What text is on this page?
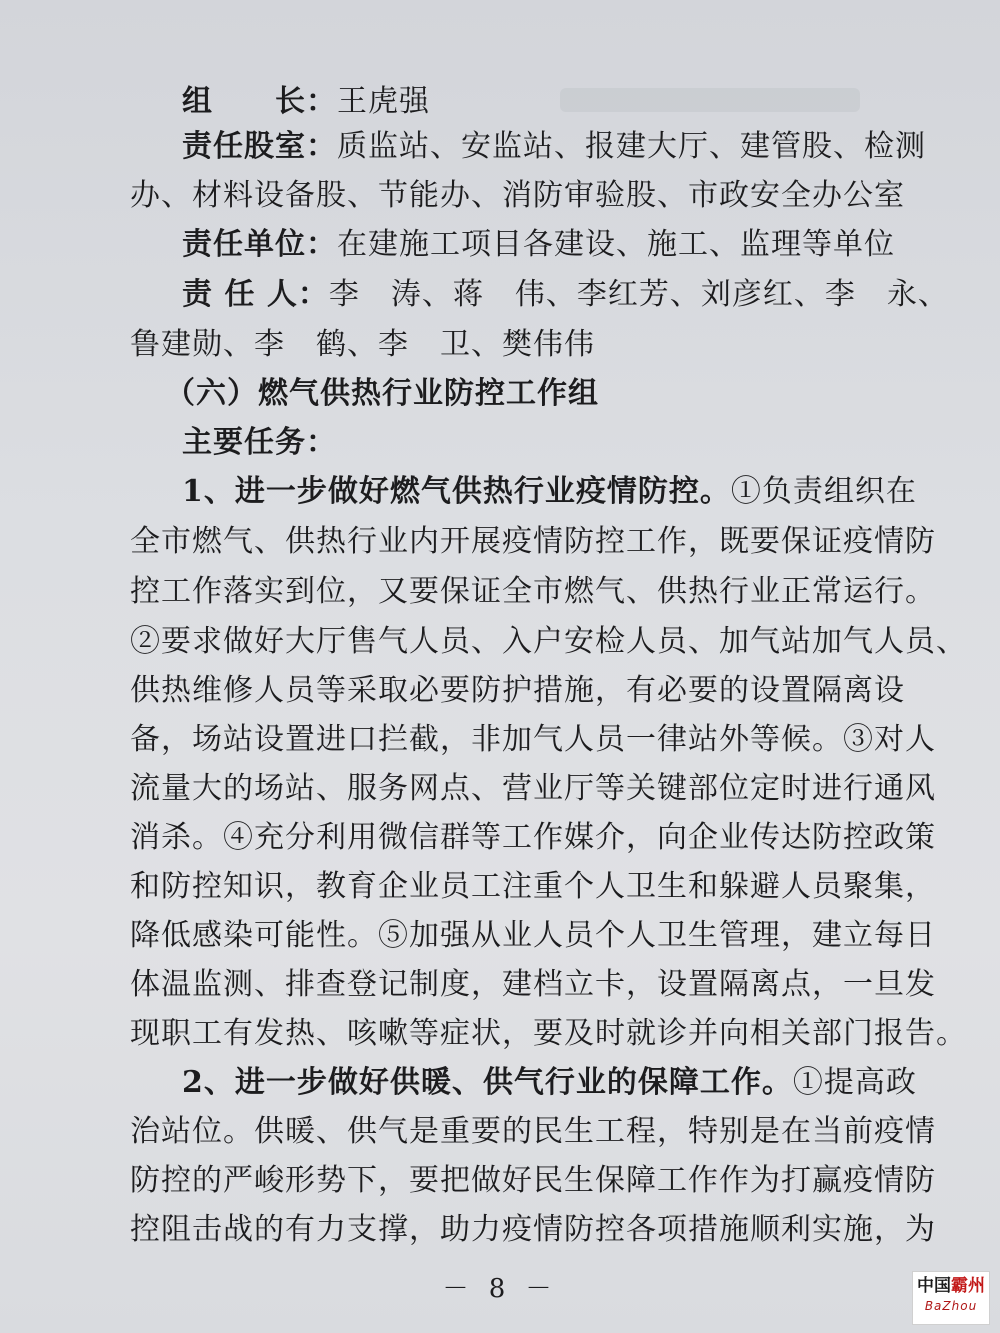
组　　长：王虎强
责任股室：质监站、安监站、报建大厅、建管股、检测
办、材料设备股、节能办、消防审验股、市政安全办公室
责任单位：在建施工项目各建设、施工、监理等单位
责 任 人：李　涛、蒋　伟、李红芳、刘彦红、李　永、
鲁建勋、李　鹤、李　卫、樊伟伟
（六）燃气供热行业防控工作组
主要任务：
1、进一步做好燃气供热行业疫情防控。①负责组织在
全市燃气、供热行业内开展疫情防控工作，既要保证疫情防
控工作落实到位，又要保证全市燃气、供热行业正常运行。
②要求做好大厅售气人员、入户安检人员、加气站加气人员、
供热维修人员等采取必要防护措施，有必要的设置隔离设
备，场站设置进口拦截，非加气人员一律站外等候。③对人
流量大的场站、服务网点、营业厅等关键部位定时进行通风
消杀。④充分利用微信群等工作媒介，向企业传达防控政策
和防控知识，教育企业员工注重个人卫生和躲避人员聚集，
降低感染可能性。⑤加强从业人员个人卫生管理，建立每日
体温监测、排查登记制度，建档立卡，设置隔离点，一旦发
现职工有发热、咳嗽等症状，要及时就诊并向相关部门报告。
2、进一步做好供暖、供气行业的保障工作。①提高政
治站位。供暖、供气是重要的民生工程，特别是在当前疫情
防控的严峻形势下，要把做好民生保障工作作为打赢疫情防
控阻击战的有力支撑，助力疫情防控各项措施顺利实施，为
－ 8 －	中国霸州
BaZhou
